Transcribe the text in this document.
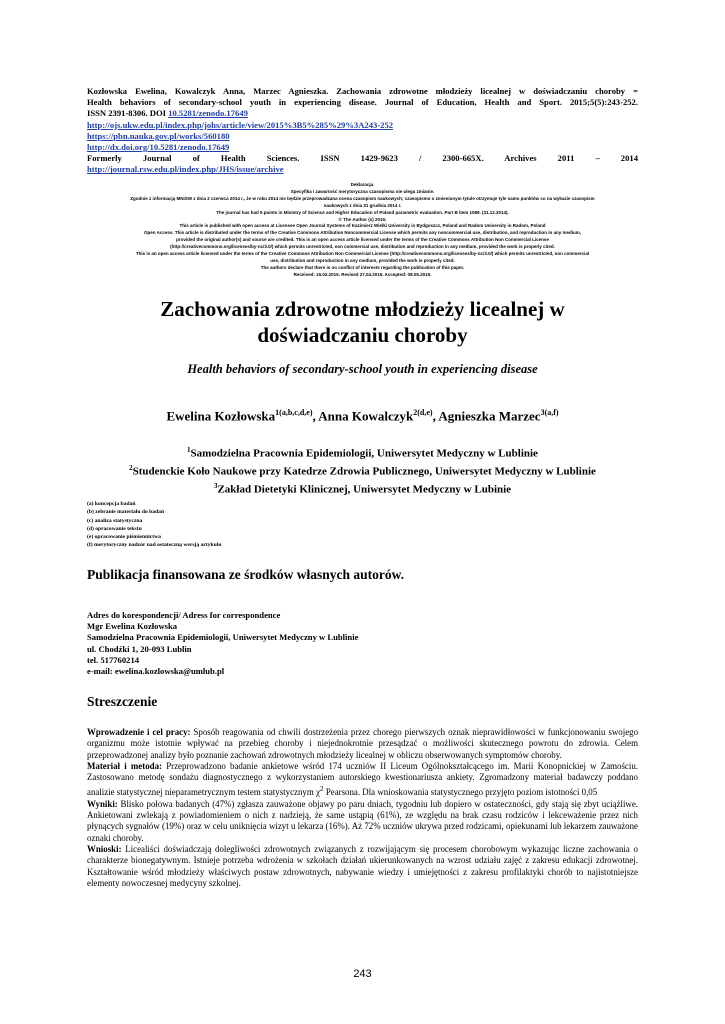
Kozłowska Ewelina, Kowalczyk Anna, Marzec Agnieszka. Zachowania zdrowotne młodzieży licealnej w doświadczaniu choroby =
Health behaviors of secondary-school youth in experiencing disease. Journal of Education, Health and Sport. 2015;5(5):243-252.
ISSN 2391-8306. DOI 10.5281/zenodo.17649
http://ojs.ukw.edu.pl/index.php/johs/article/view/2015%3B5%285%29%3A243-252
https://pbn.nauka.gov.pl/works/560180
http://dx.doi.org/10.5281/zenodo.17649
Formerly Journal of Health Sciences. ISSN 1429-9623 / 2300-665X. Archives 2011 – 2014
http://journal.rsw.edu.pl/index.php/JHS/issue/archive
Deklaracja.
Specyfika i zawartość merytoryczna czasopisma nie ulega zmianie.
Zgodnie z informacją MNiSW z dnia 2 czerwca 2014 r., że w roku 2014 nie będzie przeprowadzana ocena czasopism naukowych; czasopismo o zmienionym tytule otrzymuje tyle samo punktów co na wykazie czasopism
naukowych z dnia 31 grudnia 2014 r.
The journal has had 5 points in Ministry of Science and Higher Education of Poland parametric evaluation. Part B item 1089. (31.12.2014).
© The Author (s) 2015;
This article is published with open access at Licensee Open Journal Systems of Kazimierz Wielki University in Bydgoszcz, Poland and Radom University in Radom, Poland
Open Access. This article is distributed under the terms of the Creative Commons Attribution Noncommercial License which permits any noncommercial use, distribution, and reproduction in any medium,
provided the original author(s) and source are credited. This is an open access article licensed under the terms of the Creative Commons Attribution Non Commercial License
(http://creativecommons.org/licenses/by-nc/3.0/) which permits unrestricted, non commercial use, distribution and reproduction in any medium, provided the work is properly cited.
This is an open access article licensed under the terms of the Creative Commons Attribution Non Commercial License (http://creativecommons.org/licenses/by-nc/3.0/) which permits unrestricted, non commercial
use, distribution and reproduction in any medium, provided the work is properly cited.
The authors declare that there is no conflict of interests regarding the publication of this paper.
Received: 15.02.2015. Revised 27.04.2015. Accepted: 08.05.2015.
Zachowania zdrowotne młodzieży licealnej w
doświadczaniu choroby
Health behaviors of secondary-school youth in experiencing disease
Ewelina Kozłowska$^{1(a,b,c,d,e)}$, Anna Kowalczyk$^{2(d,e)}$, Agnieszka Marzec$^{3(a,f)}$
$^1$Samodzielna Pracownia Epidemiologii, Uniwersytet Medyczny w Lublinie
$^2$Studenckie Koło Naukowe przy Katedrze Zdrowia Publicznego, Uniwersytet Medyczny w Lublinie
$^3$Zakład Dietetyki Klinicznej, Uniwersytet Medyczny w Lubinie
(a) koncepcja badań
(b) zebranie materiału do badań
(c) analiza statystyczna
(d) opracowanie tekstu
(e) opracowanie piśmiennictwa
(f) merytoryczny nadzór nad ostateczną wersją artykułu
Publikacja finansowana ze środków własnych autorów.
Adres do korespondencji/ Adress for correspondence
Mgr Ewelina Kozłowska
Samodzielna Pracownia Epidemiologii, Uniwersytet Medyczny w Lublinie
ul. Chodźki 1, 20-093 Lublin
tel. 517760214
e-mail: ewelina.kozlowska@umlub.pl
Streszczenie

Wprowadzenie i cel pracy: Sposób reagowania od chwili dostrzeżenia przez chorego pierwszych oznak nieprawidłowości w funkcjonowaniu swojego organizmu może istotnie wpływać na przebieg choroby i niejednokrotnie przesądzać o możliwości skutecznego powrotu do zdrowia. Celem przeprowadzonej analizy było poznanie zachowań zdrowotnych młodzieży licealnej w obliczu obserwowanych symptomów choroby.

Materiał i metoda: Przeprowadzono badanie ankietowe wśród 174 uczniów II Liceum Ogólnokształcącego im. Marii Konopnickiej w Zamościu. Zastosowano metodę sondażu diagnostycznego z wykorzystaniem autorskiego kwestionariusza ankiety. Zgromadzony materiał badawczy poddano analizie statystycznej nieparametrycznym testem statystycznym $\chi^2$ Pearsona. Dla wnioskowania statystycznego przyjęto poziom istotności 0,05

Wyniki: Blisko połowa badanych (47%) zgłasza zauważone objawy po paru dniach, tygodniu lub dopiero w ostateczności, gdy stają się zbyt uciążliwe. Ankietowani zwlekają z powiadomieniem o nich z nadzieją, że same ustąpią (61%), ze względu na brak czasu rodziców i lekceważenie przez nich płynących sygnałów (19%) oraz w celu uniknięcia wizyt u lekarza (16%). Aż 72% uczniów ukrywa przed rodzicami, opiekunami lub lekarzem zauważone oznaki choroby.

Wnioski: Licealiści doświadczają dolegliwości zdrowotnych związanych z rozwijającym się procesem chorobowym wykazując liczne zachowania o charakterze bionegatywnym. Istnieje potrzeba wdrożenia w szkołach działań ukierunkowanych na wzrost udziału zajęć z zakresu edukacji zdrowotnej. Kształtowanie wśród młodzieży właściwych postaw zdrowotnych, nabywanie wiedzy i umiejętności z zakresu profilaktyki chorób to najistotniejsze elementy nowoczesnej medycyny szkolnej.

243
